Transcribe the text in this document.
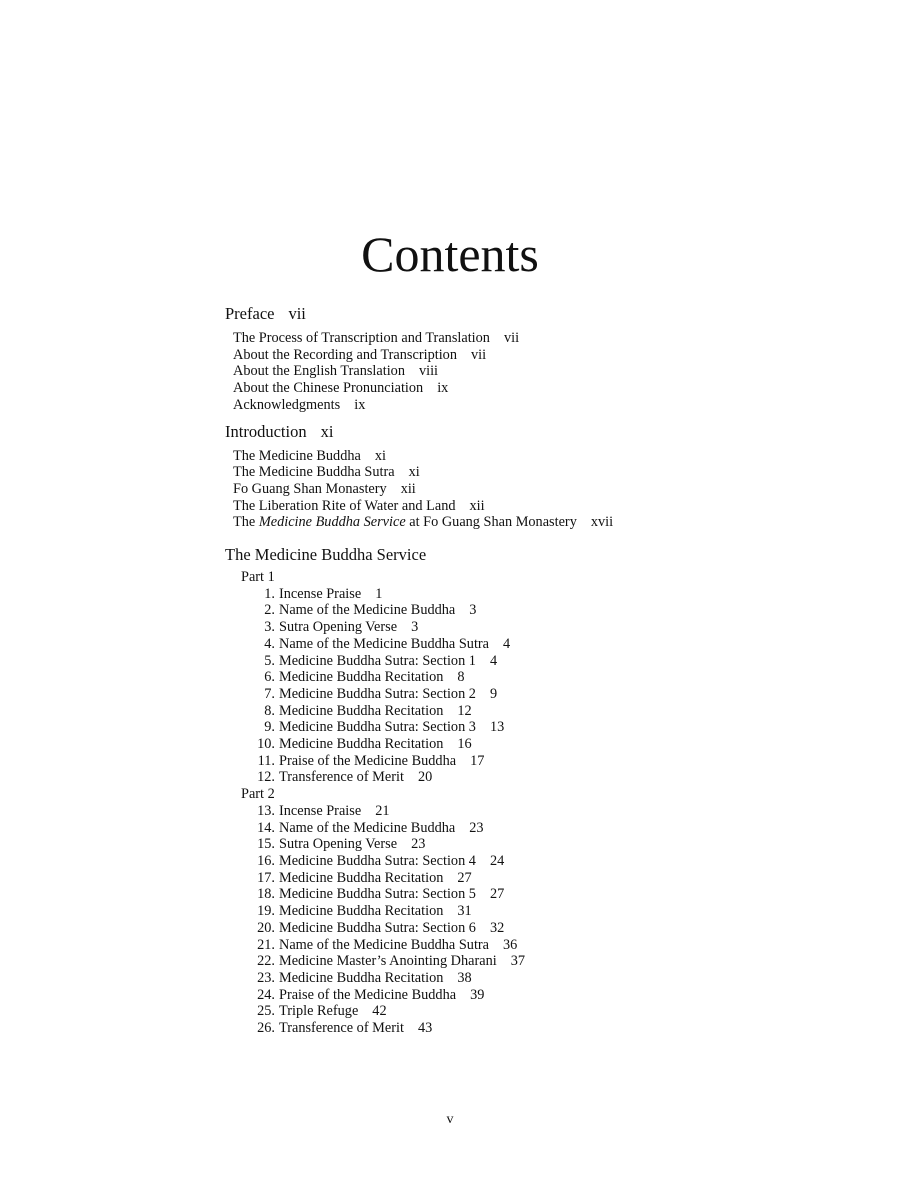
Contents
Preface vii
The Process of Transcription and Translation vii
About the Recording and Transcription vii
About the English Translation viii
About the Chinese Pronunciation ix
Acknowledgments ix
Introduction xi
The Medicine Buddha xi
The Medicine Buddha Sutra xi
Fo Guang Shan Monastery xii
The Liberation Rite of Water and Land xii
The Medicine Buddha Service at Fo Guang Shan Monastery xvii
The Medicine Buddha Service
Part 1
1. Incense Praise 1
2. Name of the Medicine Buddha 3
3. Sutra Opening Verse 3
4. Name of the Medicine Buddha Sutra 4
5. Medicine Buddha Sutra: Section 1 4
6. Medicine Buddha Recitation 8
7. Medicine Buddha Sutra: Section 2 9
8. Medicine Buddha Recitation 12
9. Medicine Buddha Sutra: Section 3 13
10. Medicine Buddha Recitation 16
11. Praise of the Medicine Buddha 17
12. Transference of Merit 20
Part 2
13. Incense Praise 21
14. Name of the Medicine Buddha 23
15. Sutra Opening Verse 23
16. Medicine Buddha Sutra: Section 4 24
17. Medicine Buddha Recitation 27
18. Medicine Buddha Sutra: Section 5 27
19. Medicine Buddha Recitation 31
20. Medicine Buddha Sutra: Section 6 32
21. Name of the Medicine Buddha Sutra 36
22. Medicine Master’s Anointing Dharani 37
23. Medicine Buddha Recitation 38
24. Praise of the Medicine Buddha 39
25. Triple Refuge 42
26. Transference of Merit 43
v
